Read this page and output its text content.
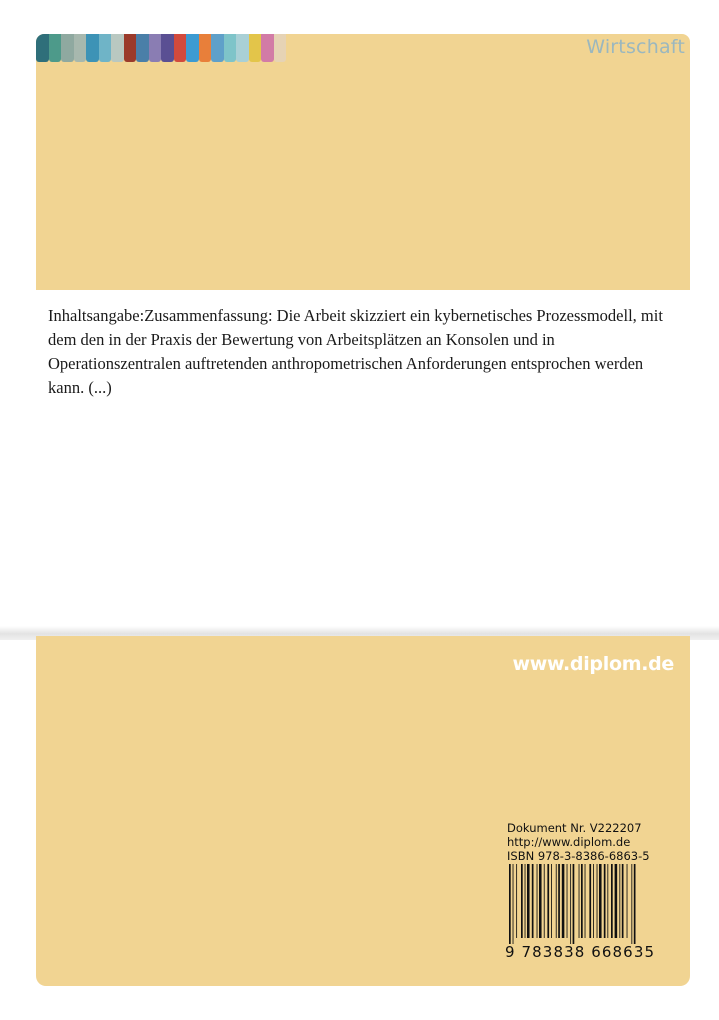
Wirtschaft

Inhaltsangabe:Zusammenfassung: Die Arbeit skizziert ein kybernetisches Prozessmodell, mit dem den in der Praxis der Bewertung von Arbeitsplätzen an Konsolen und in Operationszentralen auftretenden anthropometrischen Anforderungen entsprochen werden kann. (...)

www.diplom.de
Dokument Nr. V222207
http://www.diplom.de
ISBN 978-3-8386-6863-5
9 783838 668635
